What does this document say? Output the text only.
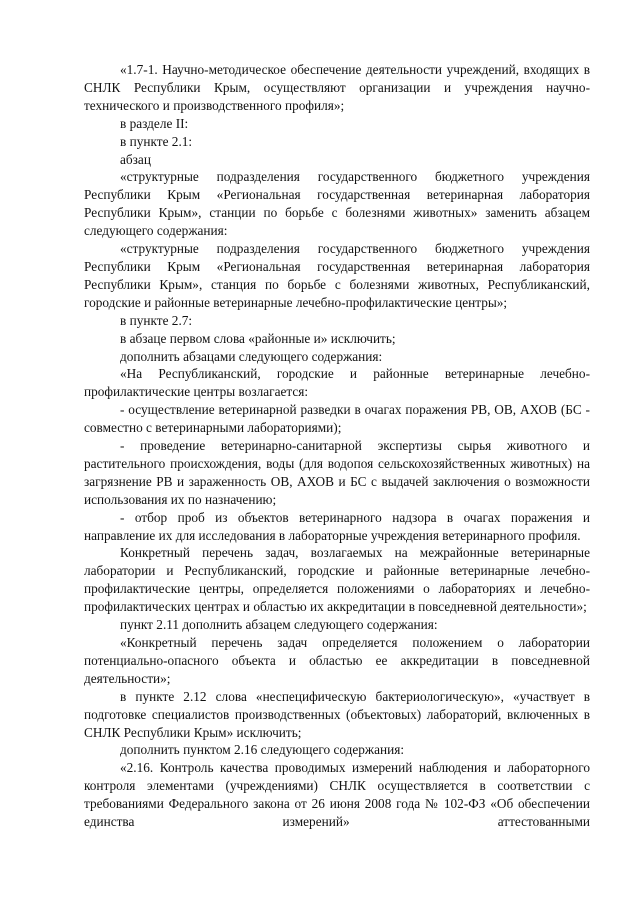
«1.7-1. Научно-методическое обеспечение деятельности учреждений, входящих в СНЛК Республики Крым, осуществляют организации и учреждения научно-технического и производственного профиля»;

в разделе II:

в пункте 2.1:

абзац

«структурные подразделения государственного бюджетного учреждения Республики Крым «Региональная государственная ветеринарная лаборатория Республики Крым», станции по борьбе с болезнями животных» заменить абзацем следующего содержания:

«структурные подразделения государственного бюджетного учреждения Республики Крым «Региональная государственная ветеринарная лаборатория Республики Крым», станция по борьбе с болезнями животных, Республиканский, городские и районные ветеринарные лечебно-профилактические центры»;

в пункте 2.7:

в абзаце первом слова «районные и» исключить;

дополнить абзацами следующего содержания:

«На Республиканский, городские и районные ветеринарные лечебно-профилактические центры возлагается:

- осуществление ветеринарной разведки в очагах поражения РВ, ОВ, АХОВ (БС - совместно с ветеринарными лабораториями);

- проведение ветеринарно-санитарной экспертизы сырья животного и растительного происхождения, воды (для водопоя сельскохозяйственных животных) на загрязнение РВ и зараженность ОВ, АХОВ и БС с выдачей заключения о возможности использования их по назначению;

- отбор проб из объектов ветеринарного надзора в очагах поражения и направление их для исследования в лабораторные учреждения ветеринарного профиля.

Конкретный перечень задач, возлагаемых на межрайонные ветеринарные лаборатории и Республиканский, городские и районные ветеринарные лечебно-профилактические центры, определяется положениями о лабораториях и лечебно-профилактических центрах и областью их аккредитации в повседневной деятельности»;

пункт 2.11 дополнить абзацем следующего содержания:

«Конкретный перечень задач определяется положением о лаборатории потенциально-опасного объекта и областью ее аккредитации в повседневной деятельности»;

в пункте 2.12 слова «неспецифическую бактериологическую», «участвует в подготовке специалистов производственных (объектовых) лабораторий, включенных в СНЛК Республики Крым» исключить;

дополнить пунктом 2.16 следующего содержания:

«2.16. Контроль качества проводимых измерений наблюдения и лабораторного контроля элементами (учреждениями) СНЛК осуществляется в соответствии с требованиями Федерального закона от 26 июня 2008 года № 102-ФЗ «Об обеспечении единства измерений» аттестованными
